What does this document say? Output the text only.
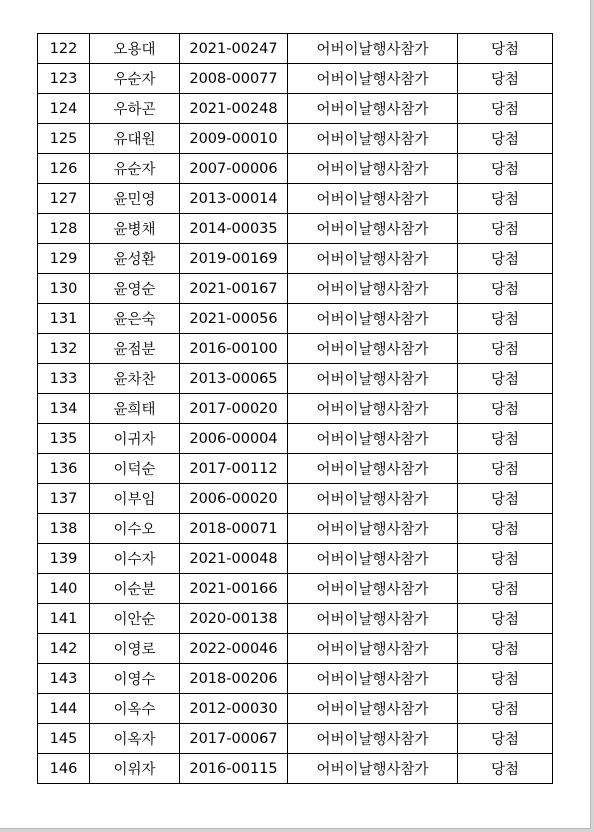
122	오용대	2021-00247	어버이날행사참가	당첨
123	우순자	2008-00077	어버이날행사참가	당첨
124	우하곤	2021-00248	어버이날행사참가	당첨
125	유대원	2009-00010	어버이날행사참가	당첨
126	유순자	2007-00006	어버이날행사참가	당첨
127	윤민영	2013-00014	어버이날행사참가	당첨
128	윤병채	2014-00035	어버이날행사참가	당첨
129	윤성환	2019-00169	어버이날행사참가	당첨
130	윤영순	2021-00167	어버이날행사참가	당첨
131	윤은숙	2021-00056	어버이날행사참가	당첨
132	윤점분	2016-00100	어버이날행사참가	당첨
133	윤차찬	2013-00065	어버이날행사참가	당첨
134	윤희태	2017-00020	어버이날행사참가	당첨
135	이귀자	2006-00004	어버이날행사참가	당첨
136	이덕순	2017-00112	어버이날행사참가	당첨
137	이부임	2006-00020	어버이날행사참가	당첨
138	이수오	2018-00071	어버이날행사참가	당첨
139	이수자	2021-00048	어버이날행사참가	당첨
140	이순분	2021-00166	어버이날행사참가	당첨
141	이안순	2020-00138	어버이날행사참가	당첨
142	이영로	2022-00046	어버이날행사참가	당첨
143	이영수	2018-00206	어버이날행사참가	당첨
144	이옥수	2012-00030	어버이날행사참가	당첨
145	이옥자	2017-00067	어버이날행사참가	당첨
146	이위자	2016-00115	어버이날행사참가	당첨
